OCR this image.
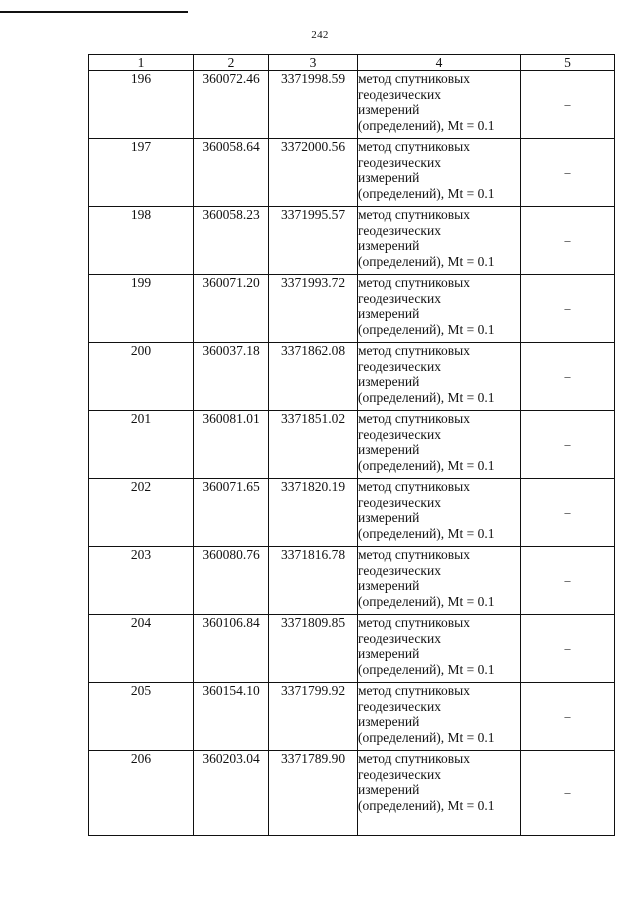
242
1	2	3	4	5
196	360072.46	3371998.59	метод спутниковых
геодезических
измерений
(определений), Mt = 0.1	–
197	360058.64	3372000.56	метод спутниковых
геодезических
измерений
(определений), Mt = 0.1	–
198	360058.23	3371995.57	метод спутниковых
геодезических
измерений
(определений), Mt = 0.1	–
199	360071.20	3371993.72	метод спутниковых
геодезических
измерений
(определений), Mt = 0.1	–
200	360037.18	3371862.08	метод спутниковых
геодезических
измерений
(определений), Mt = 0.1	–
201	360081.01	3371851.02	метод спутниковых
геодезических
измерений
(определений), Mt = 0.1	–
202	360071.65	3371820.19	метод спутниковых
геодезических
измерений
(определений), Mt = 0.1	–
203	360080.76	3371816.78	метод спутниковых
геодезических
измерений
(определений), Mt = 0.1	–
204	360106.84	3371809.85	метод спутниковых
геодезических
измерений
(определений), Mt = 0.1	–
205	360154.10	3371799.92	метод спутниковых
геодезических
измерений
(определений), Mt = 0.1	–
206	360203.04	3371789.90	метод спутниковых
геодезических
измерений
(определений), Mt = 0.1	–
